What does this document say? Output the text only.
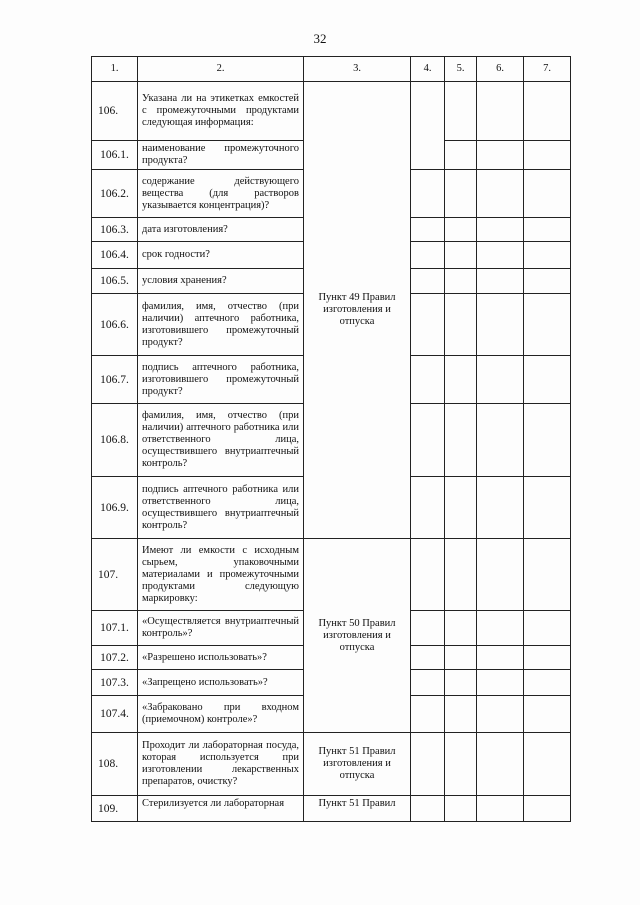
32
1.	2.	3.	4.	5.	6.	7.
106.	Указана ли на этикетках емкостей с промежуточными продуктами следующая информация:	Пункт 49 Правил изготовления и отпуска				

106.1.	наименование промежуточного продукта?					
106.2.	содержание действующего вещества (для растворов указывается концентрация)?					
106.3.	дата изготовления?					
106.4.	срок годности?					
106.5.	условия хранения?					
106.6.	фамилия, имя, отчество (при наличии) аптечного работника, изготовившего промежуточный продукт?					
106.7.	подпись аптечного работника, изготовившего промежуточный продукт?					
106.8.	фамилия, имя, отчество (при наличии) аптечного работника или ответственного лица, осуществившего внутриаптечный контроль?					
106.9.	подпись аптечного работника или ответственного лица, осуществившего внутриаптечный контроль?					
107.	Имеют ли емкости с исходным сырьем, упаковочными материалами и промежуточными продуктами следующую маркировку:	Пункт 50 Правил изготовления и отпуска				

107.1.	«Осуществляется внутриаптечный контроль»?					
107.2.	«Разрешено использовать»?					
107.3.	«Запрещено использовать»?					
107.4.	«Забраковано при входном (приемочном) контроле»?					
108.	Проходит ли лабораторная посуда, которая используется при изготовлении лекарственных препаратов, очистку?	Пункт 51 Правил изготовления и отпуска				

109.	Стерилизуется ли лабораторная	Пункт 51 Правил				
